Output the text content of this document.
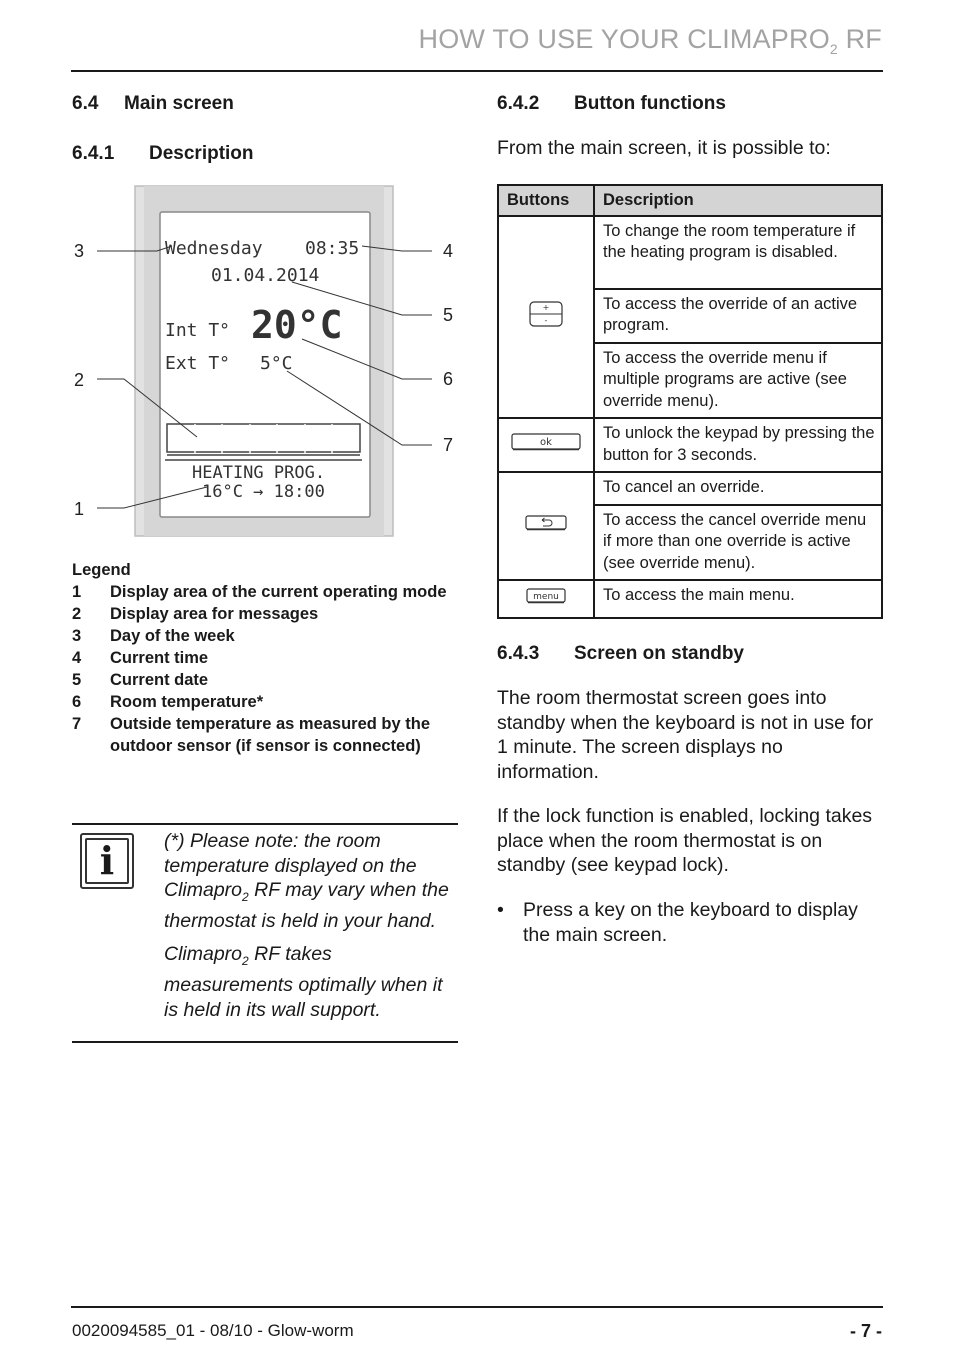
HOW TO USE YOUR $CLIMAPRO_2$ RF
6.4 Main screen
6.4.1 Description
Wednesday 08:35
01.04.2014
Int T° 20°C
Ext T° 5°C
HEATING PROG.
16°C → 18:00
3	4
5
2	6
7
1
Legend
1	Display area of the current operating mode
2	Display area for messages
3	Day of the week
4	Current time
5	Current date
6	Room temperature*
7	Outside temperature as measured by the outdoor sensor (if sensor is connected)
i	(*) Please note: the room temperature displayed on the Climapro$_2$ RF may vary when the thermostat is held in your hand.

Climapro$_2$ RF takes measurements optimally when it is held in its wall support.

6.4.2 Button functions
From the main screen, it is possible to:
Buttons	Description

+
-	To change the room temperature if the heating program is disabled.
	To access the override of an active program.
	To access the override menu if multiple programs are active (see override menu).

ok	To unlock the keypad by pressing the button for 3 seconds.
	To cancel an override.
	To access the cancel override menu if more than one override is active (see override menu).

menu	To access the main menu.
6.4.3 Screen on standby
The room thermostat screen goes into standby when the keyboard is not in use for 1 minute. The screen displays no information.
If the lock function is enabled, locking takes place when the room thermostat is on standby (see keypad lock).
• Press a key on the keyboard to display the main screen.
0020094585_01 - 08/10 - Glow-worm	- 7 -
